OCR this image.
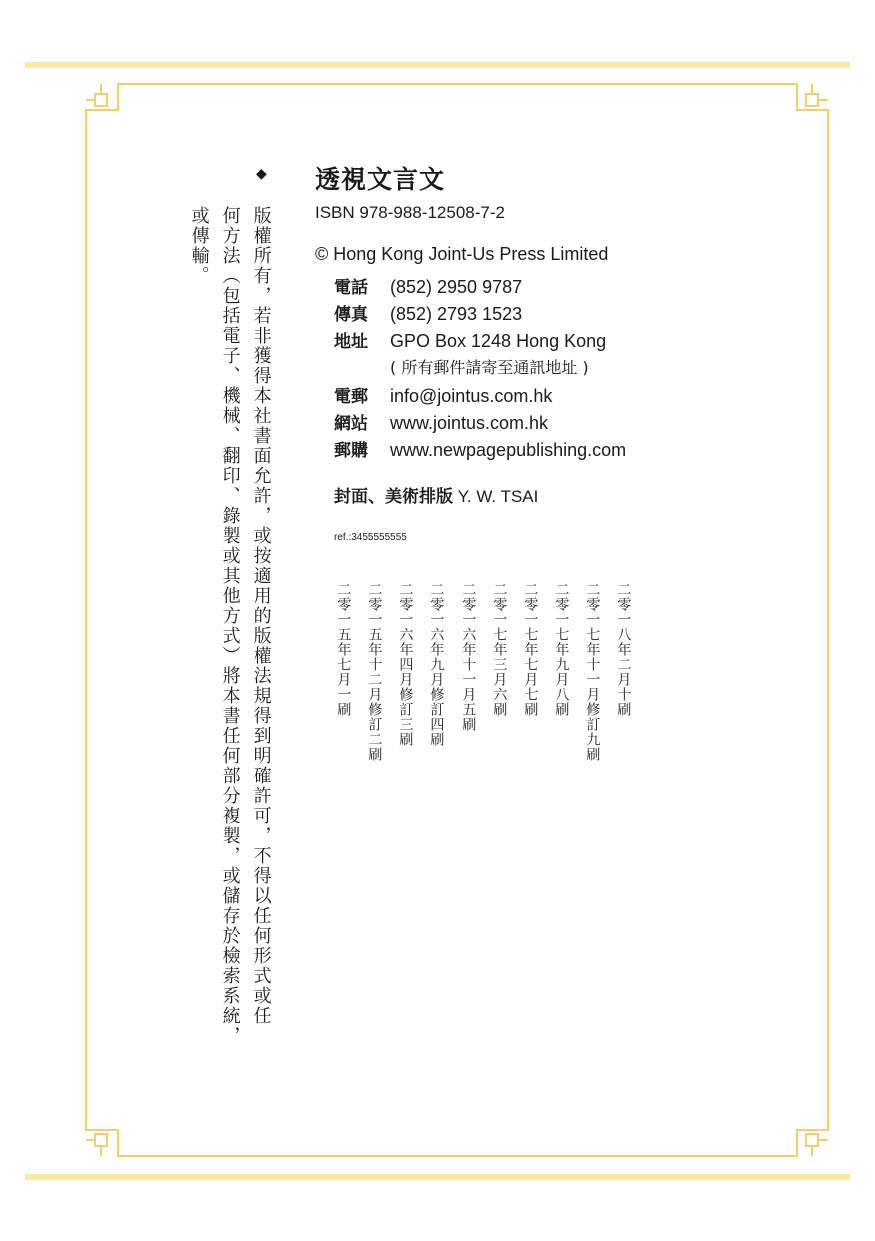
◆
版權所有，若非獲得本社書面允許，或按適用的版權法規得到明確許可，不得以任何形式或任
何方法（包括電子、機械、翻印、錄製或其他方式）將本書任何部分複製，或儲存於檢索系統，
或傳輸。
透視文言文
ISBN 978-988-12508-7-2
© Hong Kong Joint-Us Press Limited
電話 (852) 2950 9787
傳真 (852) 2793 1523
地址 GPO Box 1248 Hong Kong
( 所有郵件請寄至通訊地址 )
電郵 info@jointus.com.hk
網站 www.jointus.com.hk
郵購 www.newpagepublishing.com
封面、美術排版 Y. W. TSAI
ref.:3455555555
二零一八年二月十刷
二零一七年十一月修訂九刷
二零一七年九月八刷
二零一七年七月七刷
二零一七年三月六刷
二零一六年十一月五刷
二零一六年九月修訂四刷
二零一六年四月修訂三刷
二零一五年十二月修訂二刷
二零一五年七月一刷
